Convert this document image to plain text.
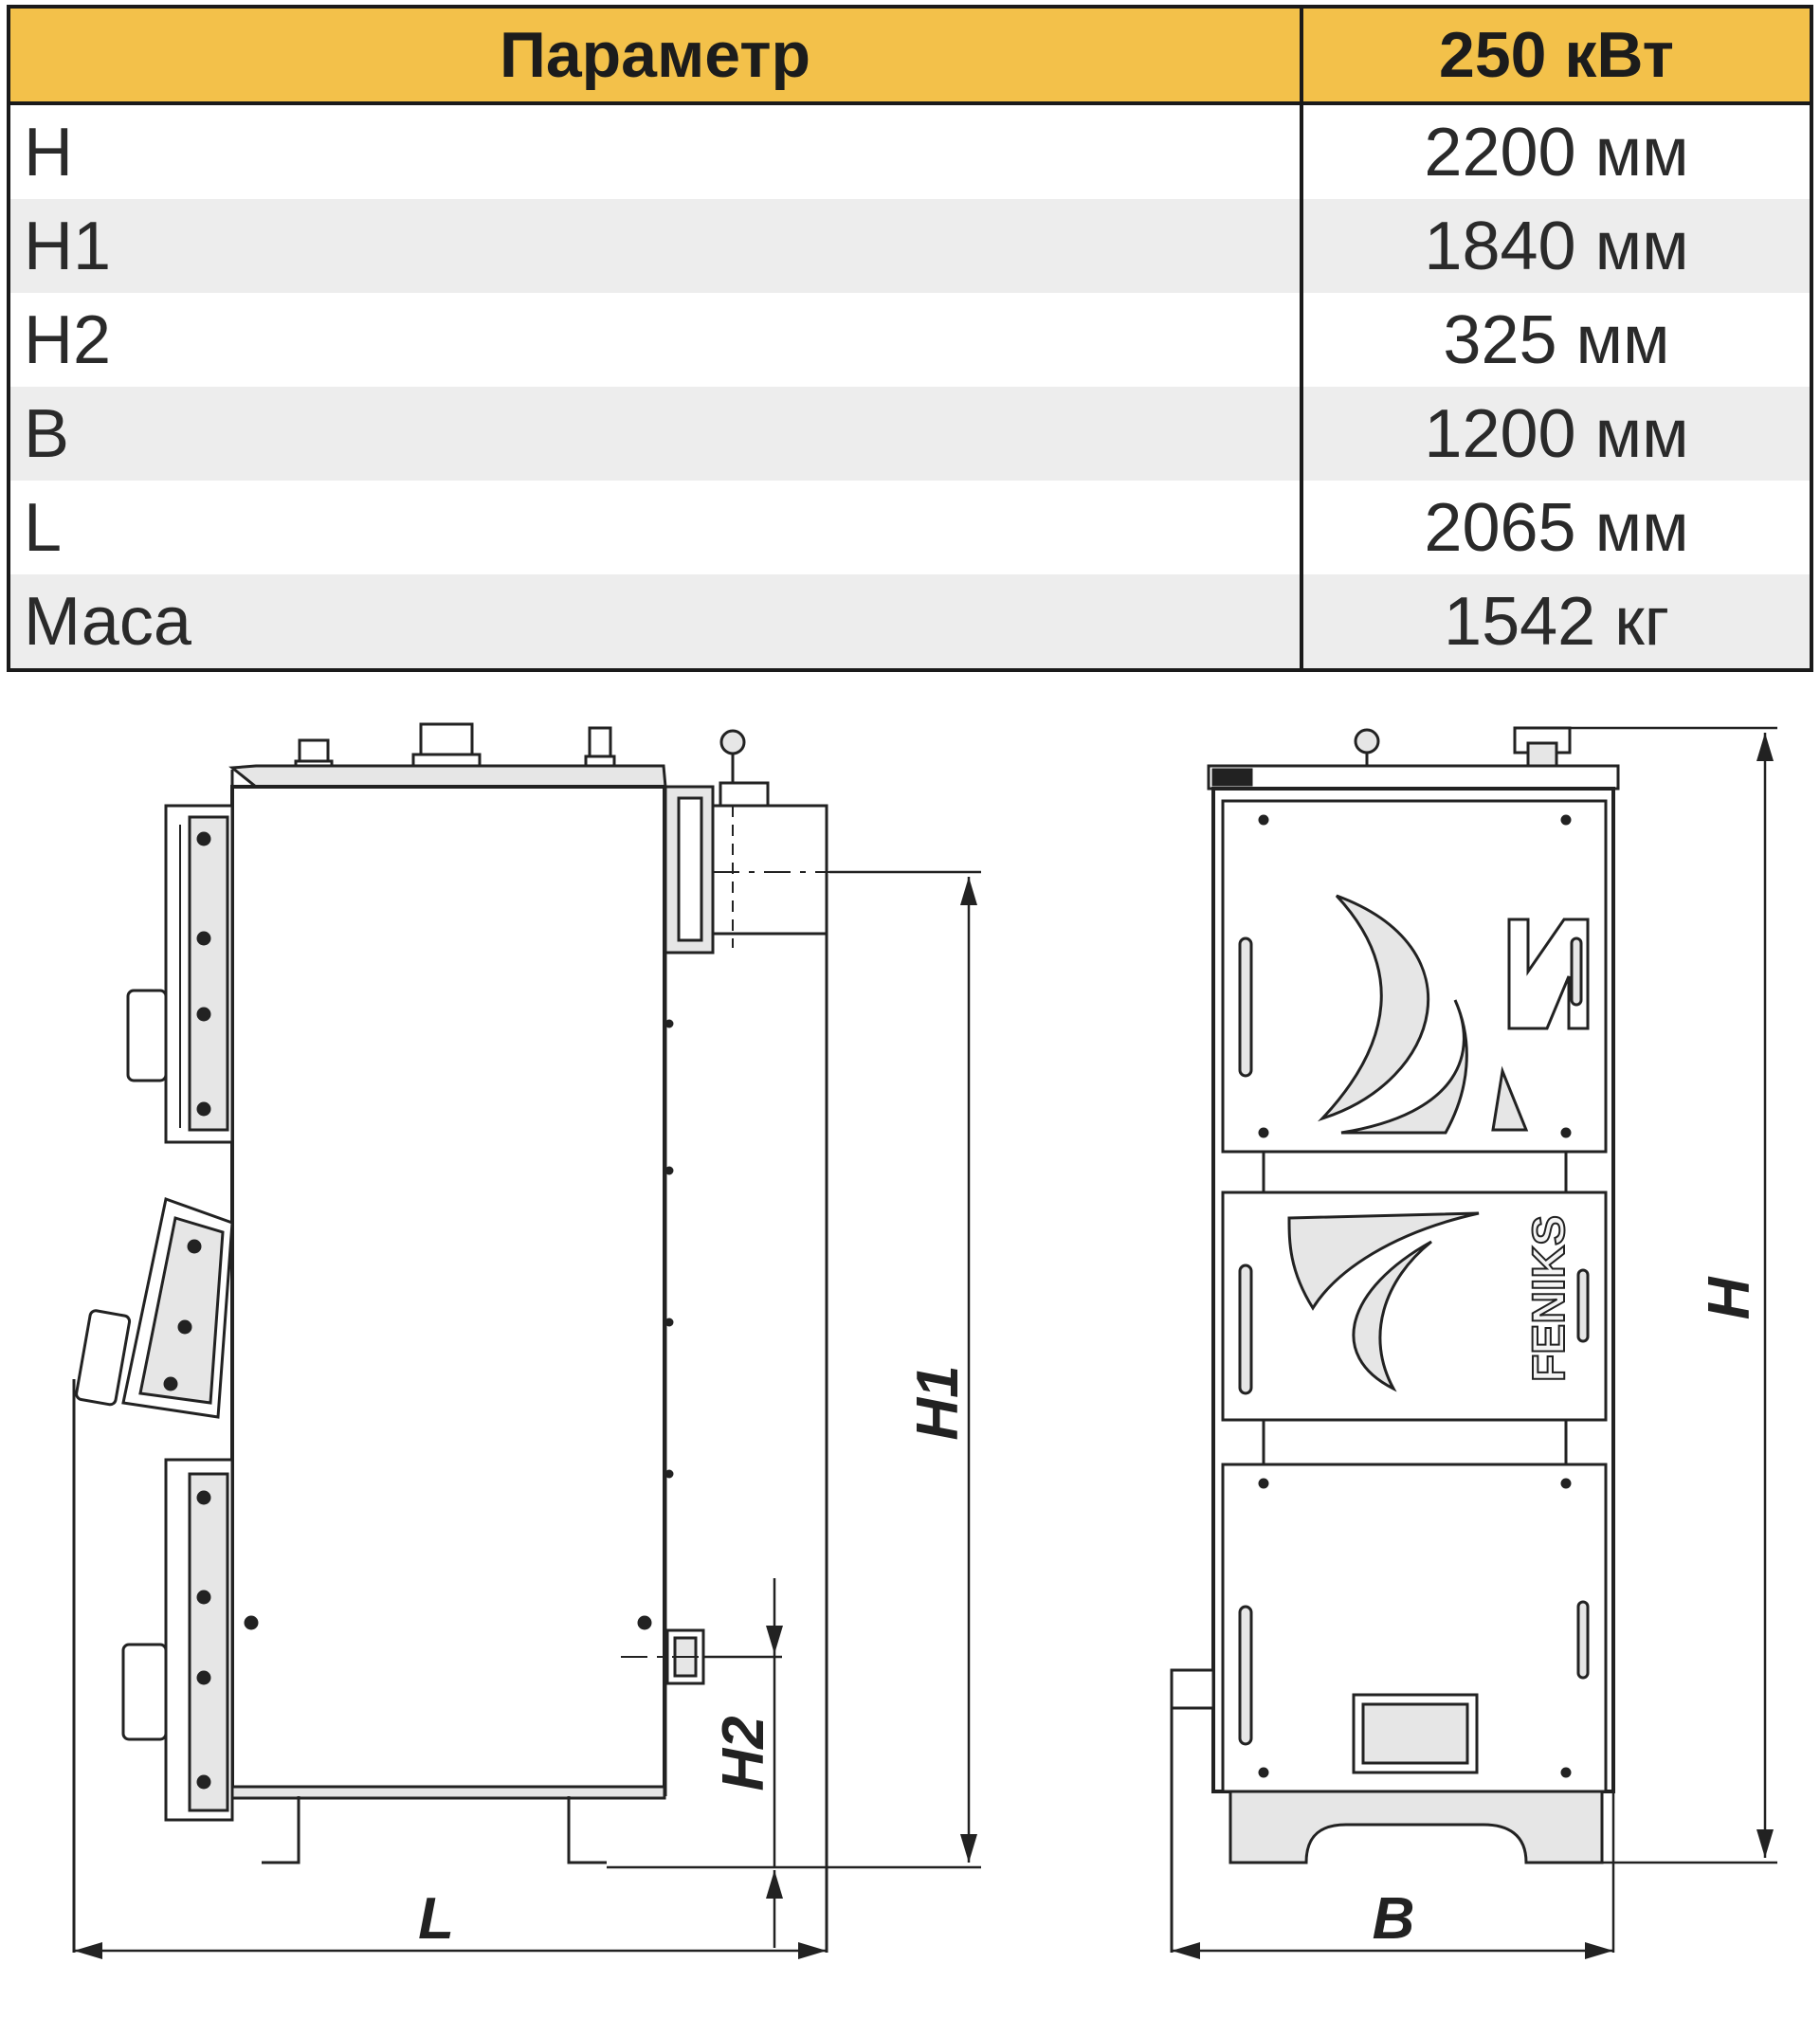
Параметр	250 кВт
H	2200 мм
H1	1840 мм
H2	325 мм
B	1200 мм
L	2065 мм
Маса	1542 кг
H1
H2
L
FENIKS H
B
